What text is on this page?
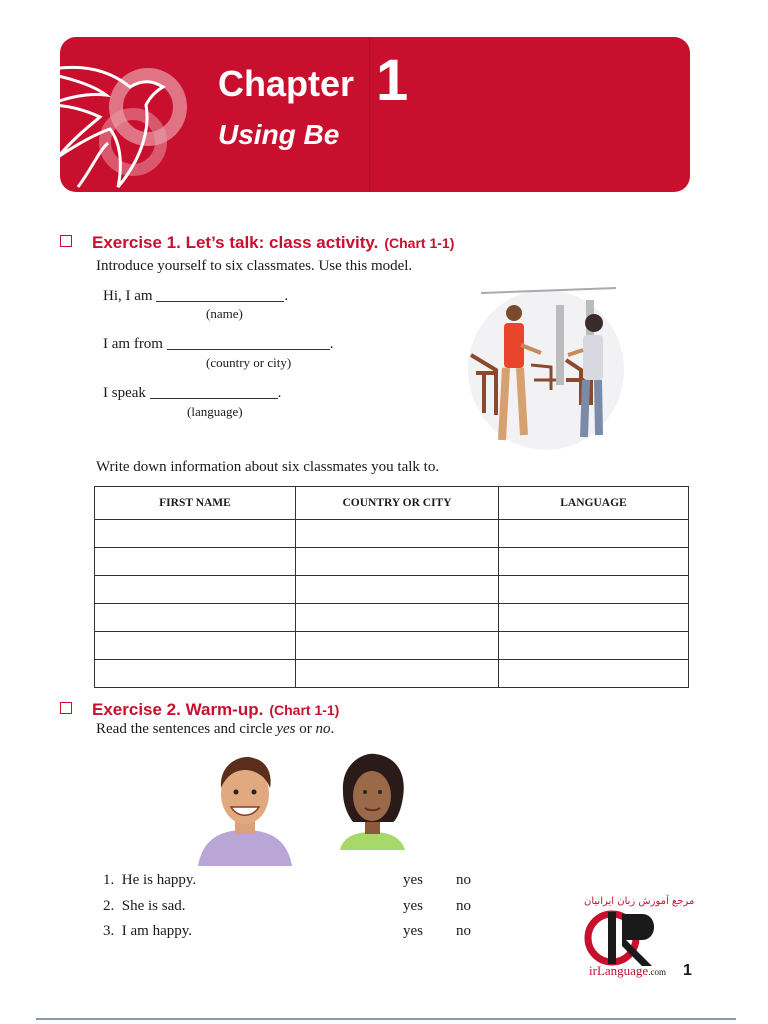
Chapter 1
Using Be
Exercise 1. Let’s talk: class activity. (Chart 1-1)
Introduce yourself to six classmates. Use this model.
Hi, I am	.
(name)
I am from	.
(country or city)
I speak	.
(language)
Write down information about six classmates you talk to.
FIRST NAME	COUNTRY OR CITY	LANGUAGE

Exercise 2. Warm-up. (Chart 1-1)
Read the sentences and circle yes or no.
1. He is happy.	yes no
2. She is sad.	yes no
3. I am happy.	yes no
مرجع آموزش زبان ایرانیان
irLanguage.com 1
